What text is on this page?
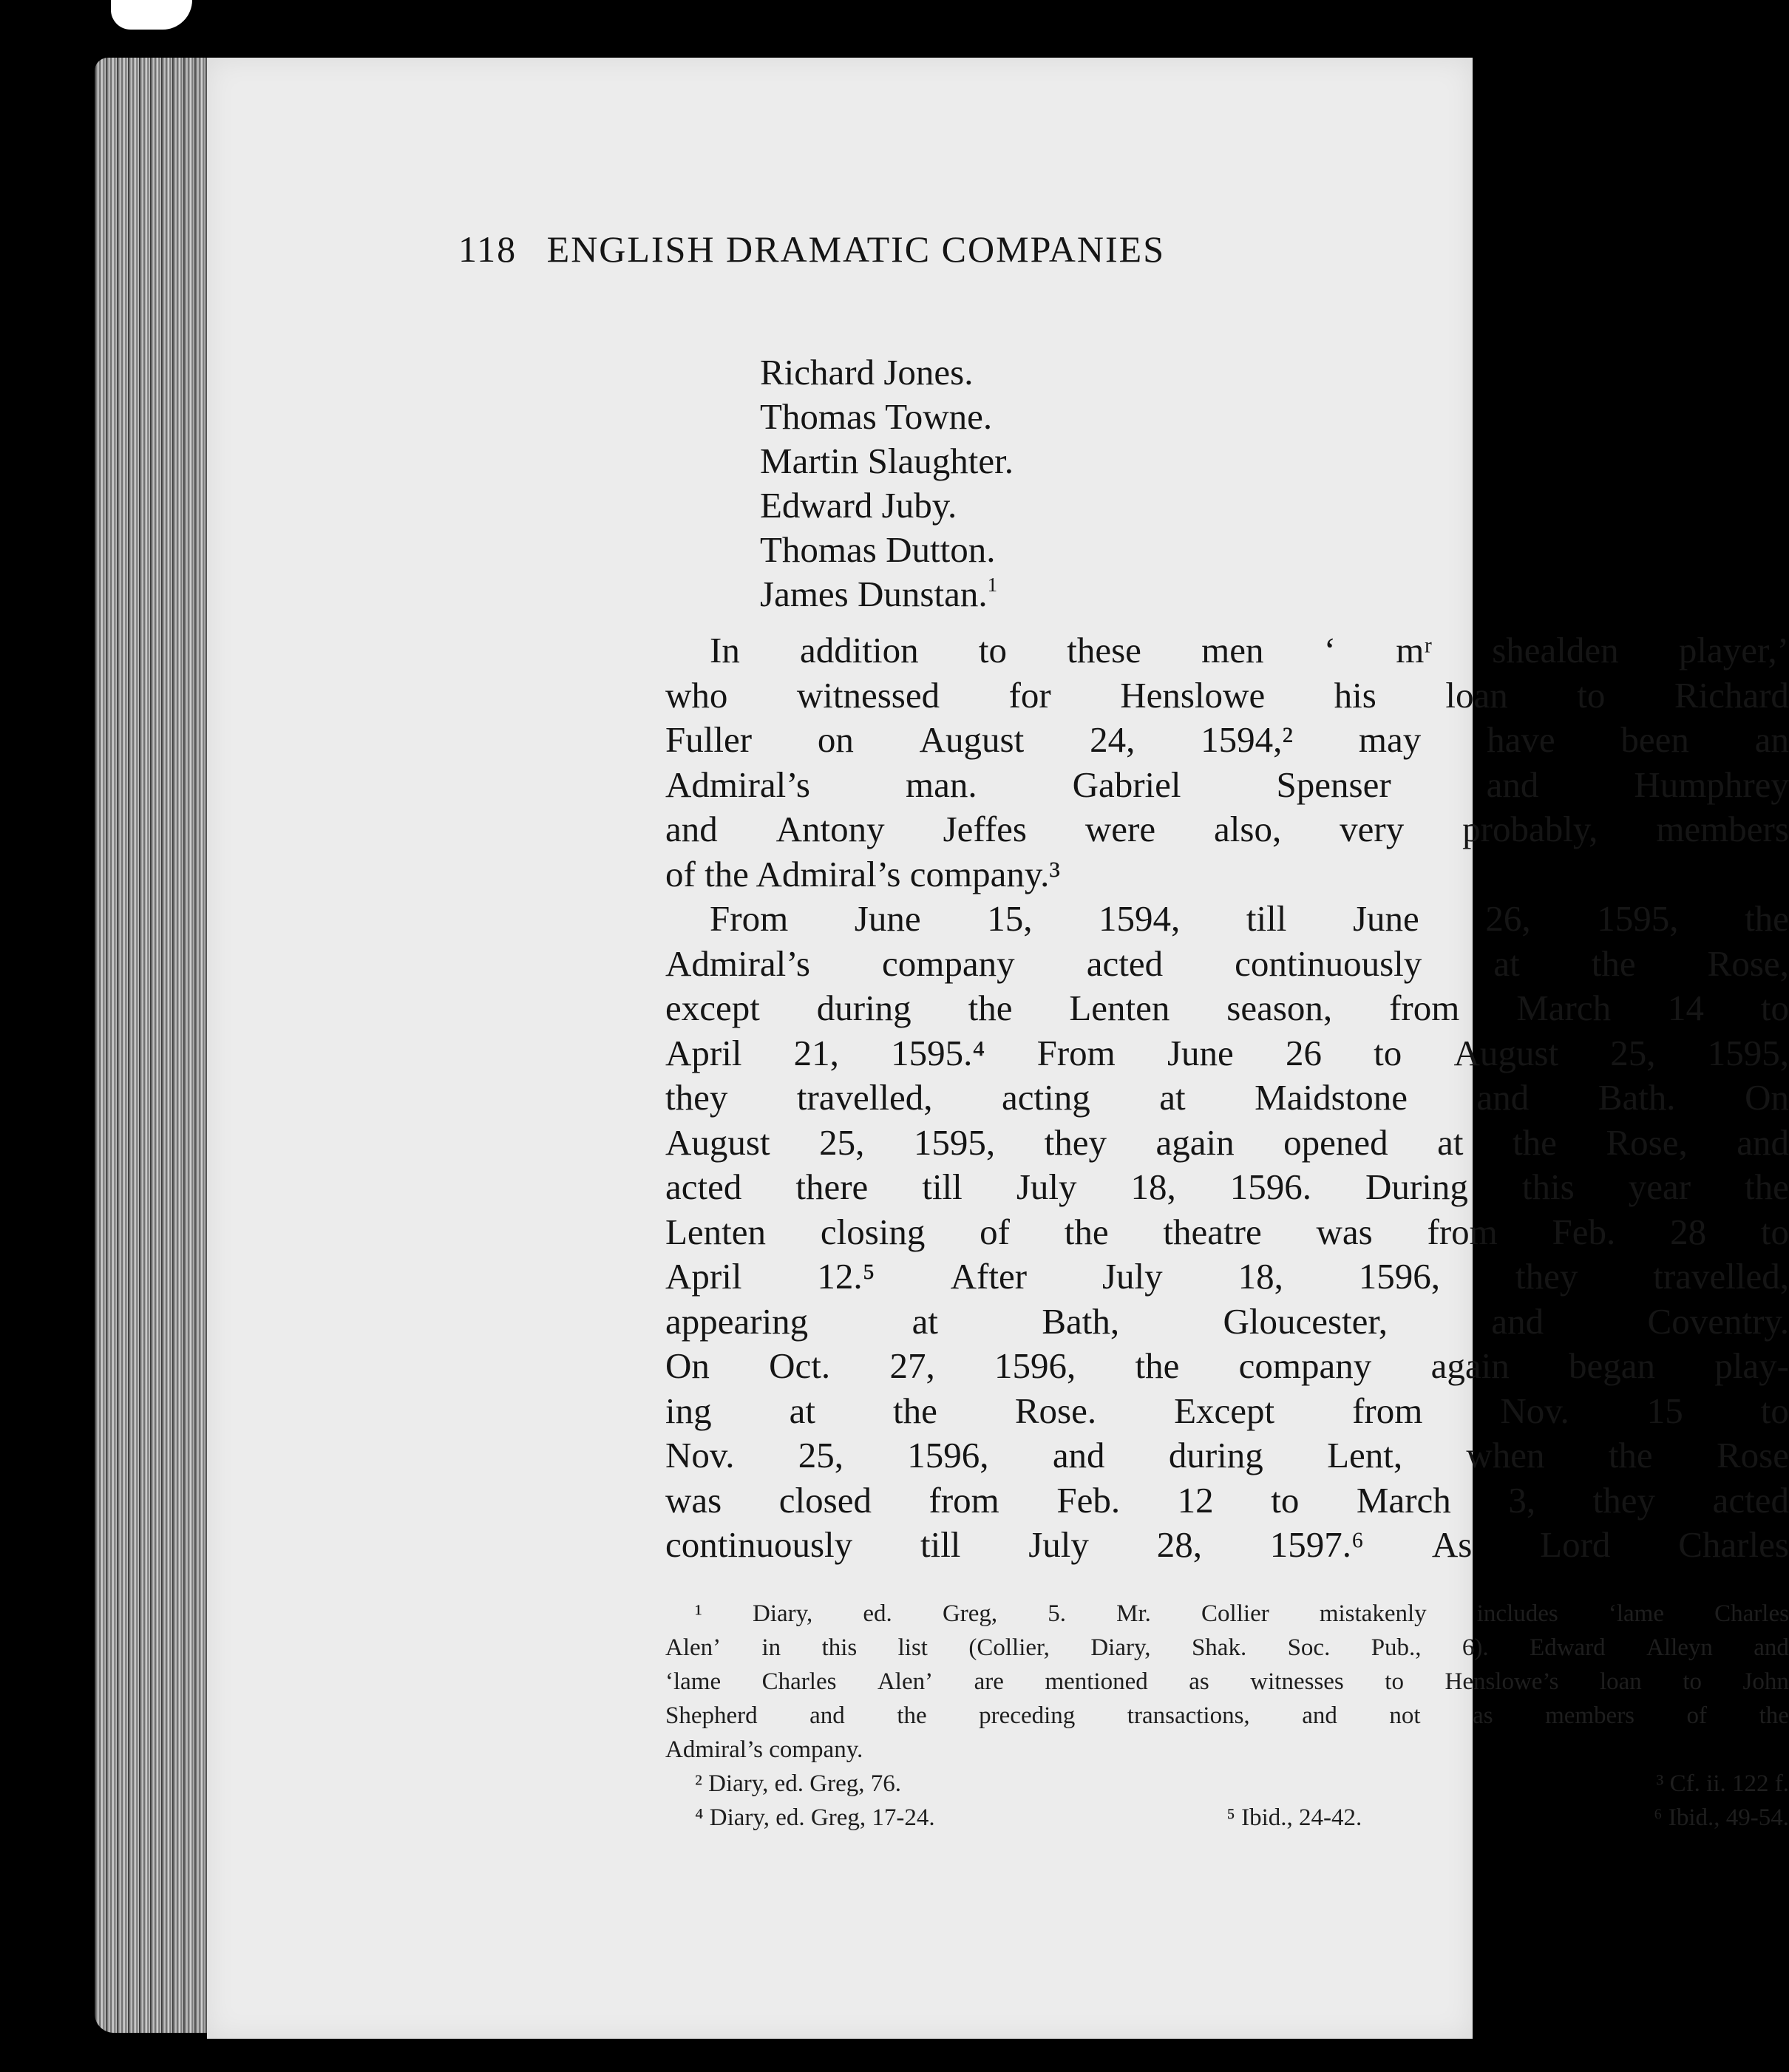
118 ENGLISH DRAMATIC COMPANIES
Richard Jones.
Thomas Towne.
Martin Slaughter.
Edward Juby.
Thomas Dutton.
James Dunstan.$^1$
In addition to these men ‘ mʳ shealden player,’
who witnessed for Henslowe his loan to Richard
Fuller on August 24, 1594,² may have been an
Admiral’s	man.	Gabriel	Spenser	and	Humphrey
and Antony Jeffes were also, very probably, members
of the Admiral’s company.³
From June 15, 1594, till June 26, 1595, the
Admiral’s company acted continuously at the Rose,
except during the Lenten season, from March 14 to
April 21, 1595.⁴ From June 26 to August 25, 1595,
they travelled, acting at Maidstone and Bath. On
August 25, 1595, they again opened at the Rose, and
acted there till July 18, 1596. During this year the
Lenten closing of the theatre was from Feb. 28 to
April 12.⁵ After July 18, 1596, they travelled,
appearing	at	Bath,	Gloucester,	and	Coventry.
On Oct. 27, 1596, the company again began play-
ing at the Rose. Except from Nov. 15 to
Nov. 25, 1596, and during Lent, when the Rose
was closed from Feb. 12 to March 3, they acted
continuously till July 28, 1597.⁶ As Lord Charles
¹ Diary, ed. Greg, 5. Mr. Collier mistakenly includes ‘lame Charles
Alen’ in this list (Collier, Diary, Shak. Soc. Pub., 6). Edward Alleyn and
‘lame Charles Alen’ are mentioned as witnesses to Henslowe’s loan to John
Shepherd and the preceding transactions, and not as members of the
Admiral’s company.
² Diary, ed. Greg, 76.	³ Cf. ii. 122 f.
⁴ Diary, ed. Greg, 17-24.	⁵ Ibid., 24-42.	⁶ Ibid., 49-54.
